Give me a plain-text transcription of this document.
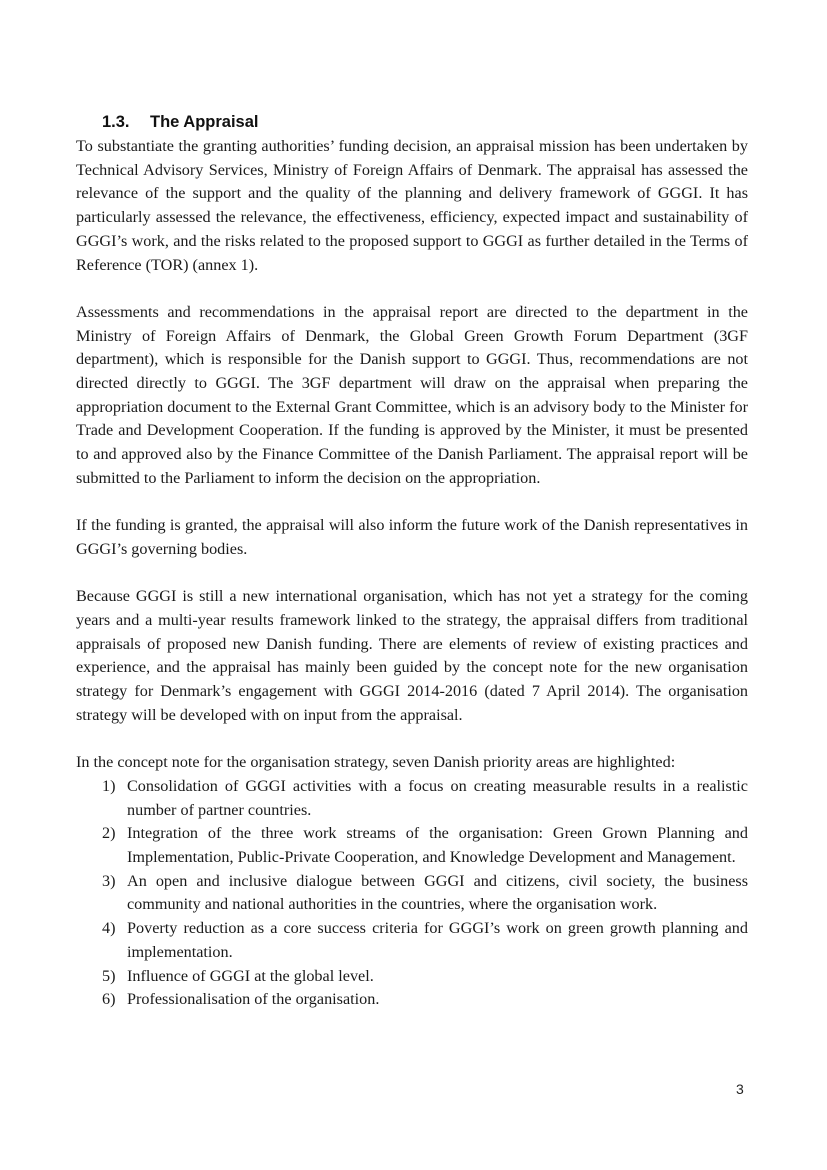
1.3. The Appraisal

To substantiate the granting authorities’ funding decision, an appraisal mission has been undertaken by Technical Advisory Services, Ministry of Foreign Affairs of Denmark. The appraisal has assessed the relevance of the support and the quality of the planning and delivery framework of GGGI. It has particularly assessed the relevance, the effectiveness, efficiency, expected impact and sustainability of GGGI’s work, and the risks related to the proposed support to GGGI as further detailed in the Terms of Reference (TOR) (annex 1).

Assessments and recommendations in the appraisal report are directed to the department in the Ministry of Foreign Affairs of Denmark, the Global Green Growth Forum Department (3GF department), which is responsible for the Danish support to GGGI. Thus, recommendations are not directed directly to GGGI. The 3GF department will draw on the appraisal when preparing the appropriation document to the External Grant Committee, which is an advisory body to the Minister for Trade and Development Cooperation. If the funding is approved by the Minister, it must be presented to and approved also by the Finance Committee of the Danish Parliament. The appraisal report will be submitted to the Parliament to inform the decision on the appropriation.

If the funding is granted, the appraisal will also inform the future work of the Danish representatives in GGGI’s governing bodies.

Because GGGI is still a new international organisation, which has not yet a strategy for the coming years and a multi-year results framework linked to the strategy, the appraisal differs from traditional appraisals of proposed new Danish funding. There are elements of review of existing practices and experience, and the appraisal has mainly been guided by the concept note for the new organisation strategy for Denmark’s engagement with GGGI 2014-2016 (dated 7 April 2014). The organisation strategy will be developed with on input from the appraisal.

In the concept note for the organisation strategy, seven Danish priority areas are highlighted:

1) Consolidation of GGGI activities with a focus on creating measurable results in a realistic number of partner countries.
2) Integration of the three work streams of the organisation: Green Grown Planning and Implementation, Public-Private Cooperation, and Knowledge Development and Management.
3) An open and inclusive dialogue between GGGI and citizens, civil society, the business community and national authorities in the countries, where the organisation work.
4) Poverty reduction as a core success criteria for GGGI’s work on green growth planning and implementation.
5) Influence of GGGI at the global level.
6) Professionalisation of the organisation.
3
